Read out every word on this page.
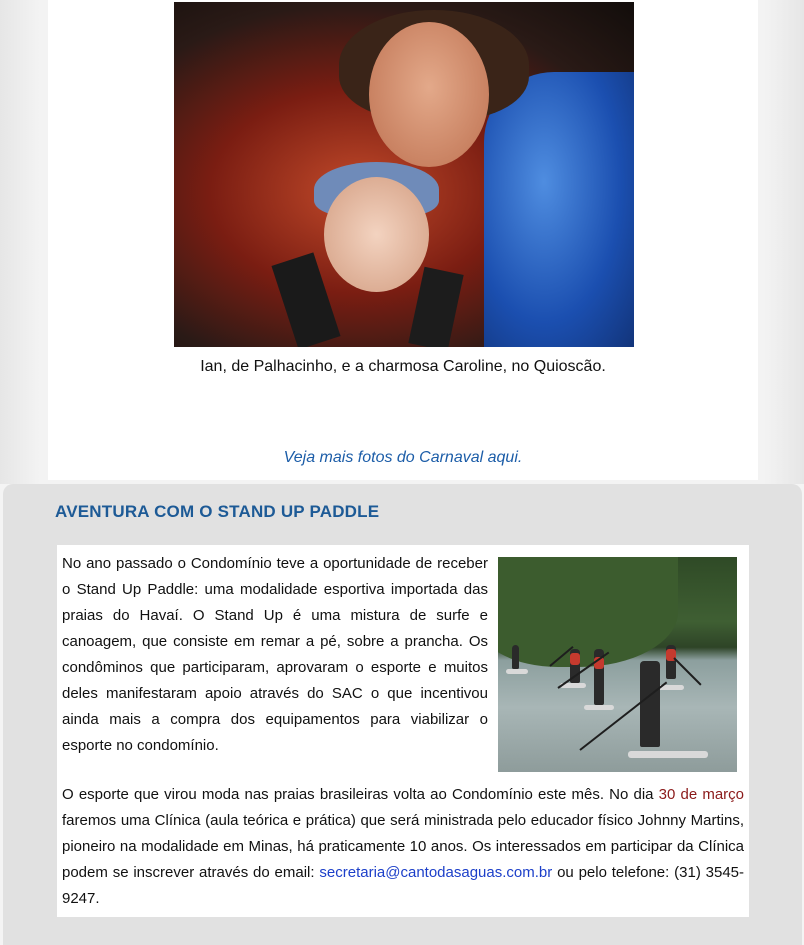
Ian, de Palhacinho, e a charmosa Caroline, no Quioscão.

Veja mais fotos do Carnaval aqui.
AVENTURA COM O STAND UP PADDLE

No ano passado o Condomínio teve a oportunidade de receber o Stand Up Paddle: uma modalidade esportiva importada das praias do Havaí. O Stand Up é uma mistura de surfe e canoagem, que consiste em remar a pé, sobre a prancha. Os condôminos que participaram, aprovaram o esporte e muitos deles manifestaram apoio através do SAC o que incentivou ainda mais a compra dos equipamentos para viabilizar o esporte no condomínio.

O esporte que virou moda nas praias brasileiras volta ao Condomínio este mês. No dia 30 de março faremos uma Clínica (aula teórica e prática) que será ministrada pelo educador físico Johnny Martins, pioneiro na modalidade em Minas, há praticamente 10 anos. Os interessados em participar da Clínica podem se inscrever através do email: secretaria@cantodasaguas.com.br ou pelo telefone: (31) 3545-9247.
